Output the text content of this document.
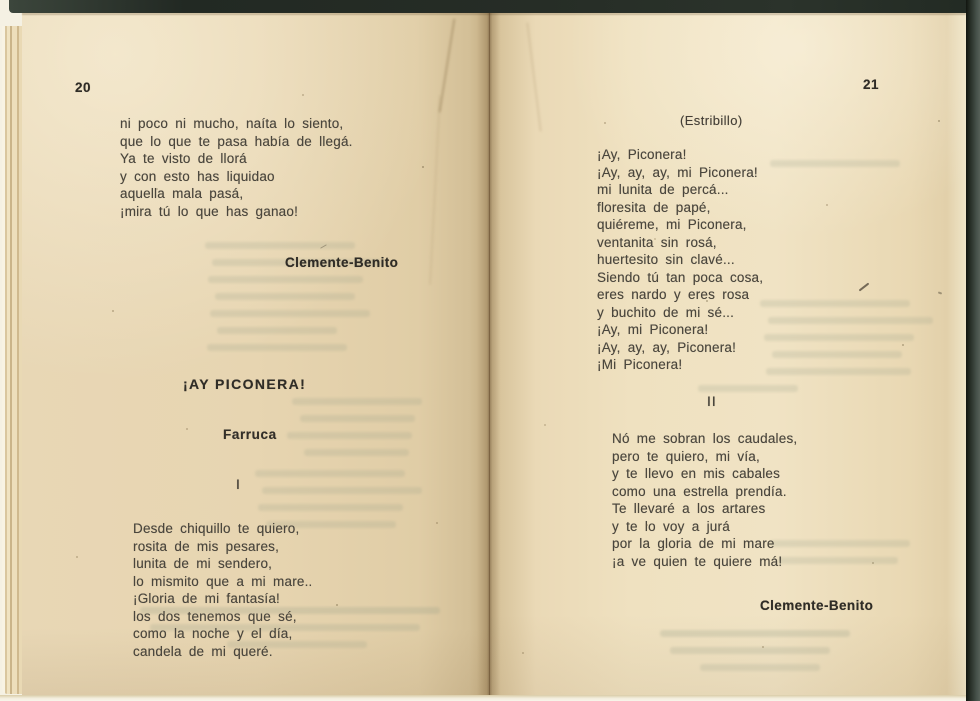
20
ni poco ni mucho, naíta lo siento,
que lo que te pasa había de llegá.
Ya te visto de llorá
y con esto has liquidao
aquella mala pasá,
¡mira tú lo que has ganao!
Clemente-Benito
¡AY PICONERA!
Farruca
I
Desde chiquillo te quiero,
rosita de mis pesares,
lunita de mi sendero,
lo mismito que a mi mare..
¡Gloria de mi fantasía!
los dos tenemos que sé,
como la noche y el día,
candela de mi queré.
21
(Estribillo)
¡Ay, Piconera!
¡Ay, ay, ay, mi Piconera!
mi lunita de percá...
floresita de papé,
quiéreme, mi Piconera,
ventanita sin rosá,
huertesito sin clavé...
Siendo tú tan poca cosa,
eres nardo y eres rosa
y buchito de mi sé...
¡Ay, mi Piconera!
¡Ay, ay, ay, Piconera!
¡Mi Piconera!
II
Nó me sobran los caudales,
pero te quiero, mi vía,
y te llevo en mis cabales
como una estrella prendía.
Te llevaré a los artares
y te lo voy a jurá
por la gloria de mi mare
¡a ve quien te quiere má!
Clemente-Benito
